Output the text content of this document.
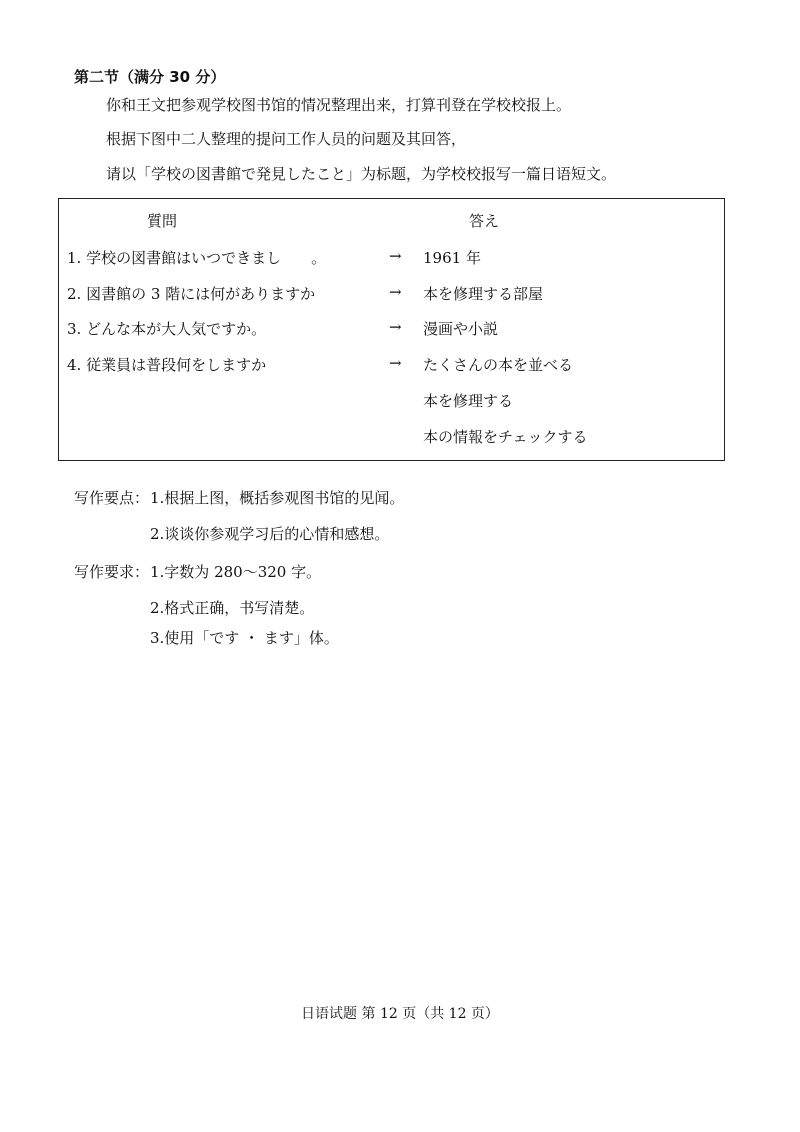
第二节（满分 30 分）
你和王文把参观学校图书馆的情况整理出来，打算刊登在学校校报上。
根据下图中二人整理的提问工作人员的问题及其回答，
请以「学校の図書館で発見したこと」为标题，为学校校报写一篇日语短文。
質問	答え
1. 学校の図書館はいつできまし　　。	→ 1961 年
2. 図書館の 3 階には何がありますか	→ 本を修理する部屋
3. どんな本が大人気ですか。	→ 漫画や小説
4. 従業員は普段何をしますか	→ たくさんの本を並べる
本を修理する
本の情報をチェックする
写作要点： 1.根据上图，概括参观图书馆的见闻。
2.谈谈你参观学习后的心情和感想。
写作要求： 1.字数为 280～320 字。
2.格式正确，书写清楚。
3.使用「です ・ ます」体。
日语试题 第 12 页（共 12 页）
